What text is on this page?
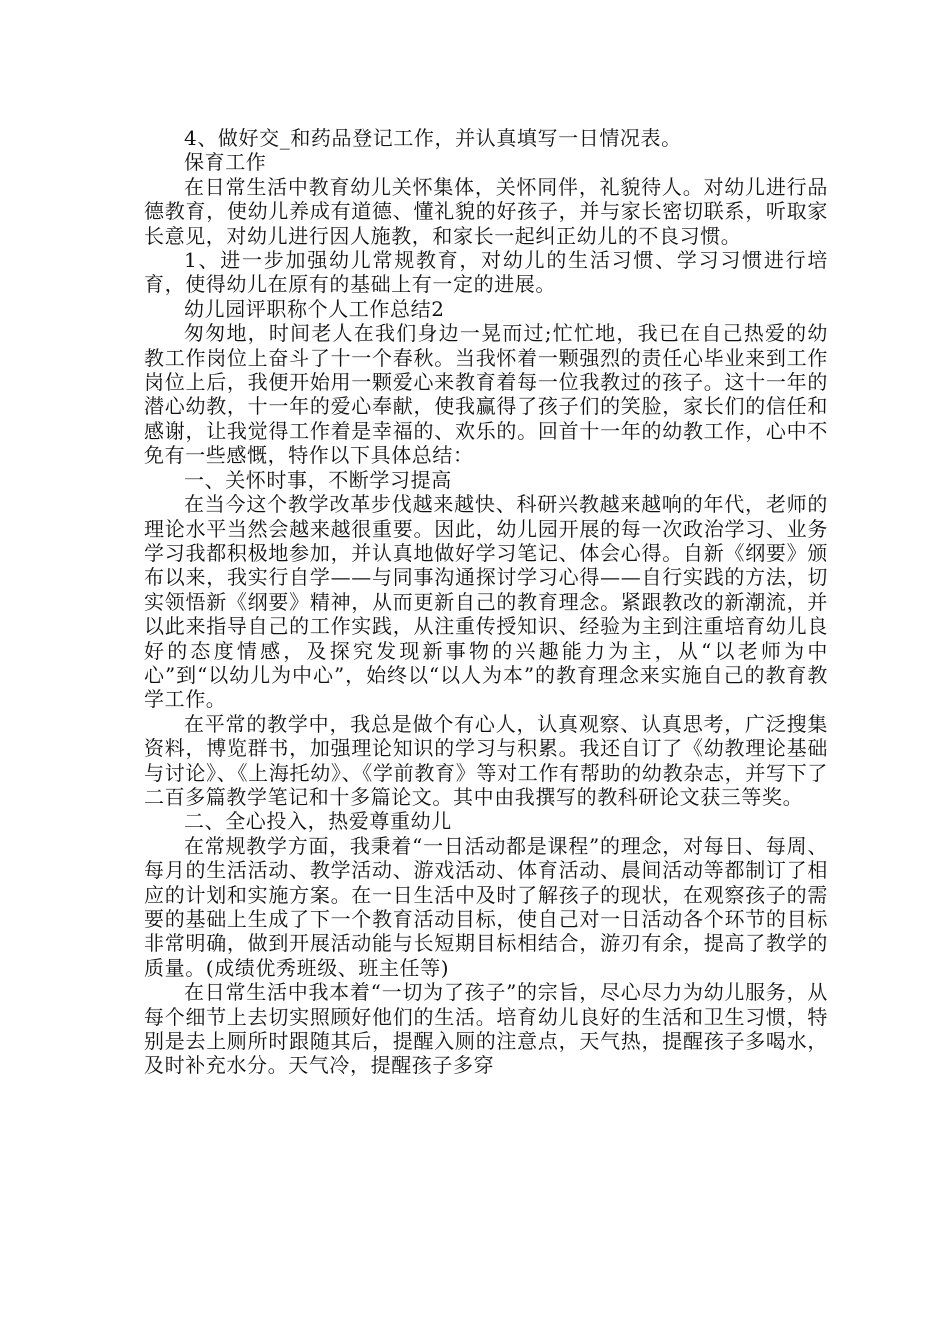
4、做好交_和药品登记工作，并认真填写一日情况表。

保育工作

在日常生活中教育幼儿关怀集体，关怀同伴，礼貌待人。对幼儿进行品德教育，使幼儿养成有道德、懂礼貌的好孩子，并与家长密切联系，听取家长意见，对幼儿进行因人施教，和家长一起纠正幼儿的不良习惯。

1、进一步加强幼儿常规教育，对幼儿的生活习惯、学习习惯进行培育，使得幼儿在原有的基础上有一定的进展。

幼儿园评职称个人工作总结2

匆匆地，时间老人在我们身边一晃而过;忙忙地，我已在自己热爱的幼教工作岗位上奋斗了十一个春秋。当我怀着一颗强烈的责任心毕业来到工作岗位上后，我便开始用一颗爱心来教育着每一位我教过的孩子。这十一年的潜心幼教，十一年的爱心奉献，使我赢得了孩子们的笑脸，家长们的信任和感谢，让我觉得工作着是幸福的、欢乐的。回首十一年的幼教工作，心中不免有一些感慨，特作以下具体总结：

一、关怀时事，不断学习提高

在当今这个教学改革步伐越来越快、科研兴教越来越响的年代，老师的理论水平当然会越来越很重要。因此，幼儿园开展的每一次政治学习、业务学习我都积极地参加，并认真地做好学习笔记、体会心得。自新《纲要》颁布以来，我实行自学——与同事沟通探讨学习心得——自行实践的方法，切实领悟新《纲要》精神，从而更新自己的教育理念。紧跟教改的新潮流，并以此来指导自己的工作实践，从注重传授知识、经验为主到注重培育幼儿良好的态度情感，及探究发现新事物的兴趣能力为主，从“以老师为中心”到“以幼儿为中心”，始终以“以人为本”的教育理念来实施自己的教育教学工作。

在平常的教学中，我总是做个有心人，认真观察、认真思考，广泛搜集资料，博览群书，加强理论知识的学习与积累。我还自订了《幼教理论基础与讨论》、《上海托幼》、《学前教育》等对工作有帮助的幼教杂志，并写下了二百多篇教学笔记和十多篇论文。其中由我撰写的教科研论文获三等奖。

二、全心投入，热爱尊重幼儿

在常规教学方面，我秉着“一日活动都是课程”的理念，对每日、每周、每月的生活活动、教学活动、游戏活动、体育活动、晨间活动等都制订了相应的计划和实施方案。在一日生活中及时了解孩子的现状，在观察孩子的需要的基础上生成了下一个教育活动目标，使自己对一日活动各个环节的目标非常明确，做到开展活动能与长短期目标相结合，游刃有余，提高了教学的质量。(成绩优秀班级、班主任等)

在日常生活中我本着“一切为了孩子”的宗旨，尽心尽力为幼儿服务，从每个细节上去切实照顾好他们的生活。培育幼儿良好的生活和卫生习惯，特别是去上厕所时跟随其后，提醒入厕的注意点，天气热，提醒孩子多喝水，及时补充水分。天气冷，提醒孩子多穿
